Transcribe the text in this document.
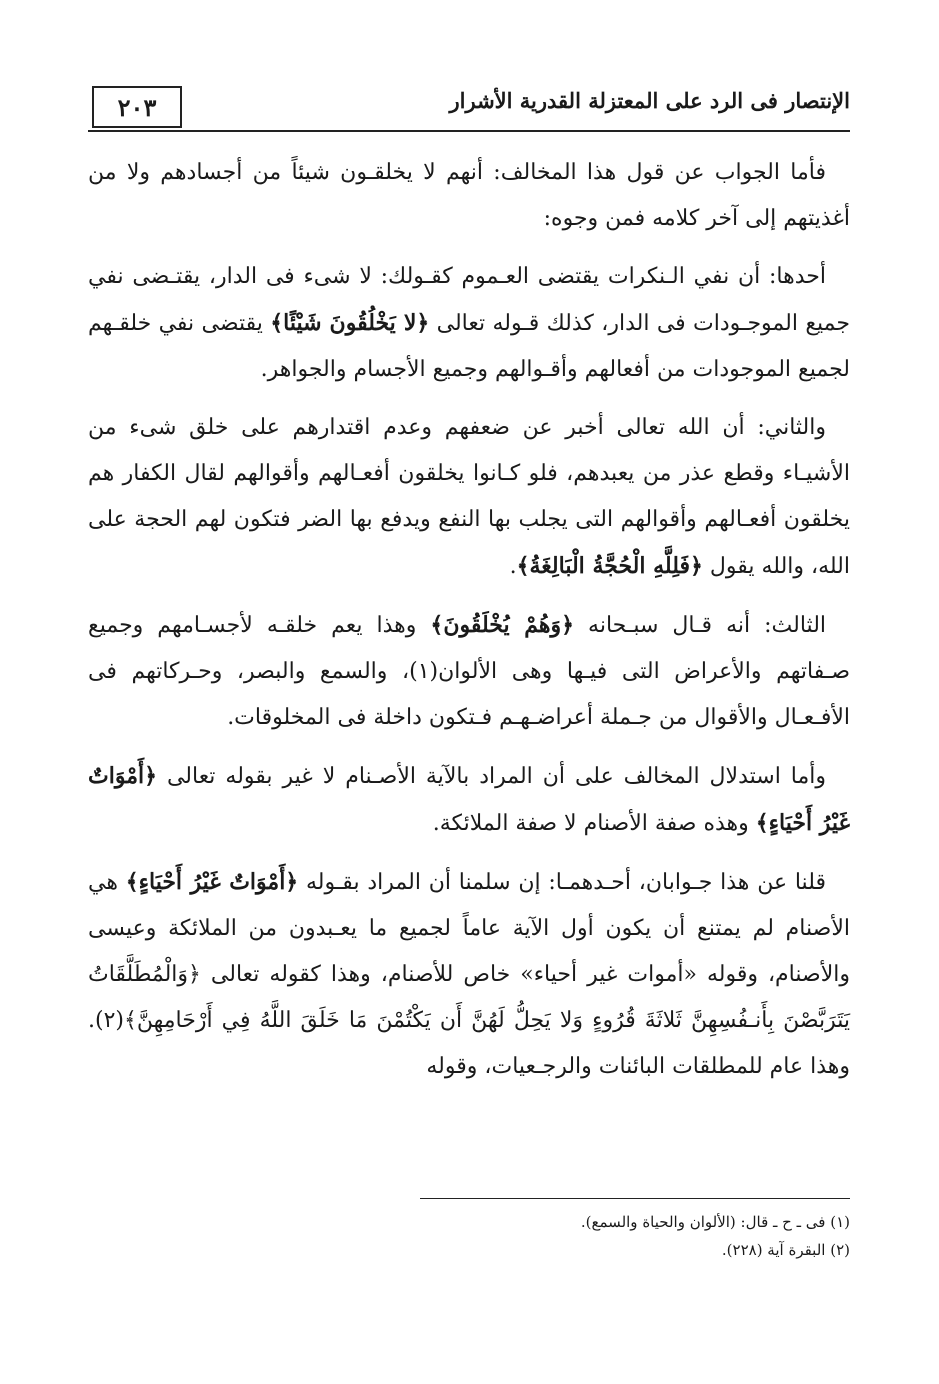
٢٠٣	الإنتصار فى الرد على المعتزلة القدرية الأشرار

فأما الجواب عن قول هذا المخالف: أنهم لا يخلقـون شيئاً من أجسادهم ولا من أغذيتهم إلى آخر كلامه فمن وجوه:

أحدها: أن نفي الـنكرات يقتضى العـموم كقـولك: لا شىء فى الدار، يقتـضى نفي جميع الموجـودات فى الدار، كذلك قـوله تعالى ﴿لا يَخْلُقُونَ شَيْئًا﴾ يقتضى نفي خلقـهم لجميع الموجودات من أفعالهم وأقـوالهم وجميع الأجسام والجواهر.

والثاني: أن الله تعالى أخبر عن ضعفهم وعدم اقتدارهم على خلق شىء من الأشيـاء وقطع عذر من يعبدهم، فلو كـانوا يخلقون أفعـالهم وأقوالهم لقال الكفار هم يخلقون أفعـالهم وأقوالهم التى يجلب بها النفع ويدفع بها الضر فتكون لهم الحجة على الله، والله يقول ﴿فَلِلَّهِ الْحُجَّةُ الْبَالِغَةُ﴾.

الثالث: أنه قـال سبـحانه ﴿وَهُمْ يُخْلَقُونَ﴾ وهذا يعم خلقـه لأجسـامهم وجميع صـفاتهم والأعراض التى فيـها وهى الألوان(١)، والسمع والبصر، وحـركاتهم فى الأفـعـال والأقوال من جـملة أعراضـهـم فـتكون داخلة فى المخلوقات.

وأما استدلال المخالف على أن المراد بالآية الأصـنام لا غير بقوله تعالى ﴿أَمْوَاتٌ غَيْرُ أَحْيَاءٍ﴾ وهذه صفة الأصنام لا صفة الملائكة.

قلنا عن هذا جـوابان، أحـدهمـا: إن سلمنا أن المراد بقـوله ﴿أَمْوَاتٌ غَيْرُ أَحْيَاءٍ﴾ هي الأصنام لم يمتنع أن يكون أول الآية عاماً لجميع ما يعـبدون من الملائكة وعيسى والأصنام، وقوله «أموات غير أحياء» خاص للأصنام، وهذا كقوله تعالى ﴿وَالْمُطَلَّقَاتُ يَتَرَبَّصْنَ بِأَنـفُسِهِنَّ ثَلاثَةَ قُرُوءٍ وَلا يَحِلُّ لَهُنَّ أَن يَكْتُمْنَ مَا خَلَقَ اللَّهُ فِي أَرْحَامِهِنَّ﴾(٢). وهذا عام للمطلقات البائنات والرجـعيات، وقوله

(١) فى ـ ح ـ قال: (الألوان والحياة والسمع).

(٢) البقرة آية (٢٢٨).
